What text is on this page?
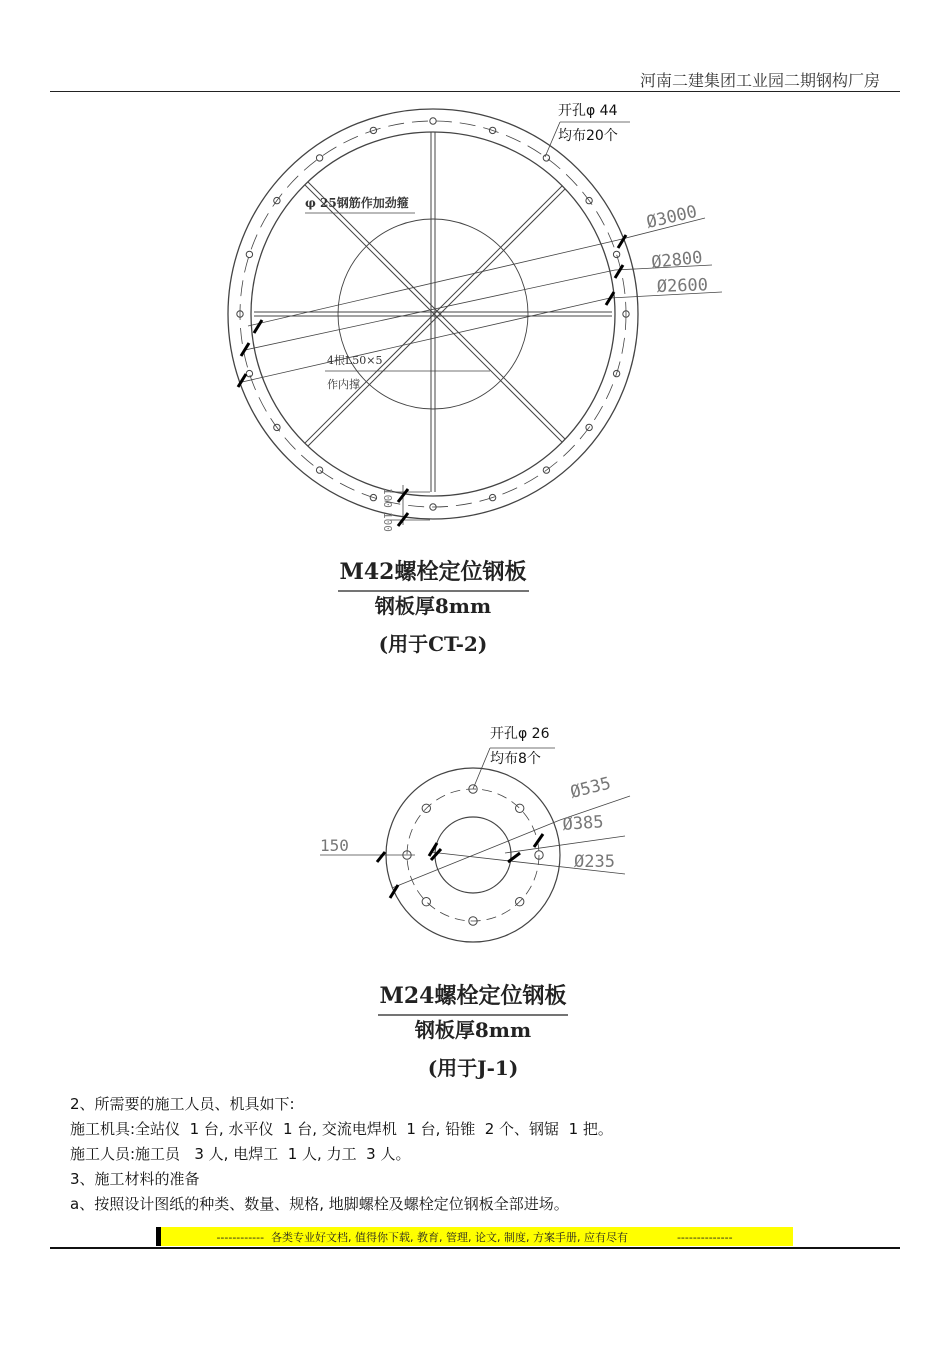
河南二建集团工业园二期钢构厂房
开孔φ 44
均布20个
φ 25钢筋作加劲箍
4根L50×5
作内撑
Ø3000
Ø2800
Ø2600
100
100
M42螺栓定位钢板
钢板厚8mm
(用于CT-2)
开孔φ 26
均布8个
150
Ø535
Ø385
Ø235
M24螺栓定位钢板
钢板厚8mm
(用于J-1)
2、所需要的施工人员、机具如下:
施工机具:全站仪  1 台, 水平仪  1 台, 交流电焊机  1 台, 铅锥  2 个、钢锯  1 把。
施工人员:施工员   3 人, 电焊工  1 人, 力工  3 人。
3、施工材料的准备
a、按照设计图纸的种类、数量、规格, 地脚螺栓及螺栓定位钢板全部进场。
------------  各类专业好文档, 值得你下载, 教育, 管理, 论文, 制度, 方案手册, 应有尽有              --------------
